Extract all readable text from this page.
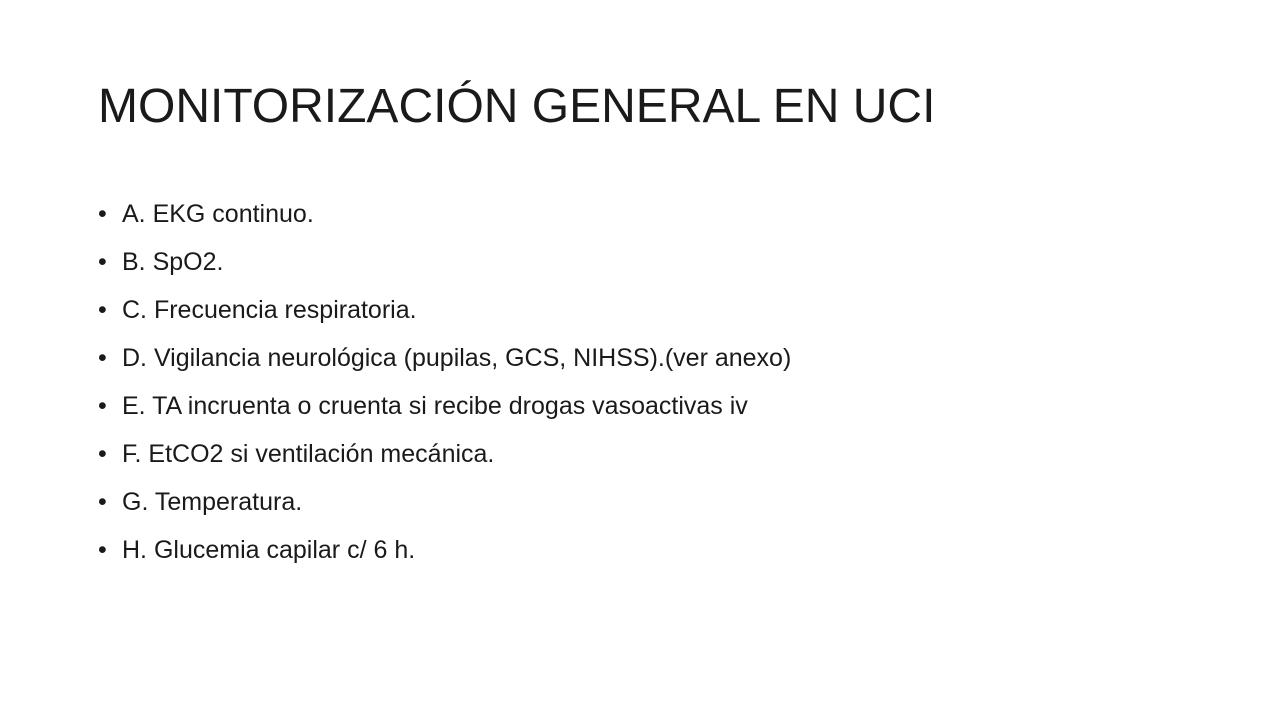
MONITORIZACIÓN GENERAL EN UCI
• A. EKG continuo.
• B. SpO2.
• C. Frecuencia respiratoria.
• D. Vigilancia neurológica (pupilas, GCS, NIHSS).(ver anexo)
• E. TA incruenta o cruenta si recibe drogas vasoactivas iv
• F. EtCO2 si ventilación mecánica.
• G. Temperatura.
• H. Glucemia capilar c/ 6 h.
